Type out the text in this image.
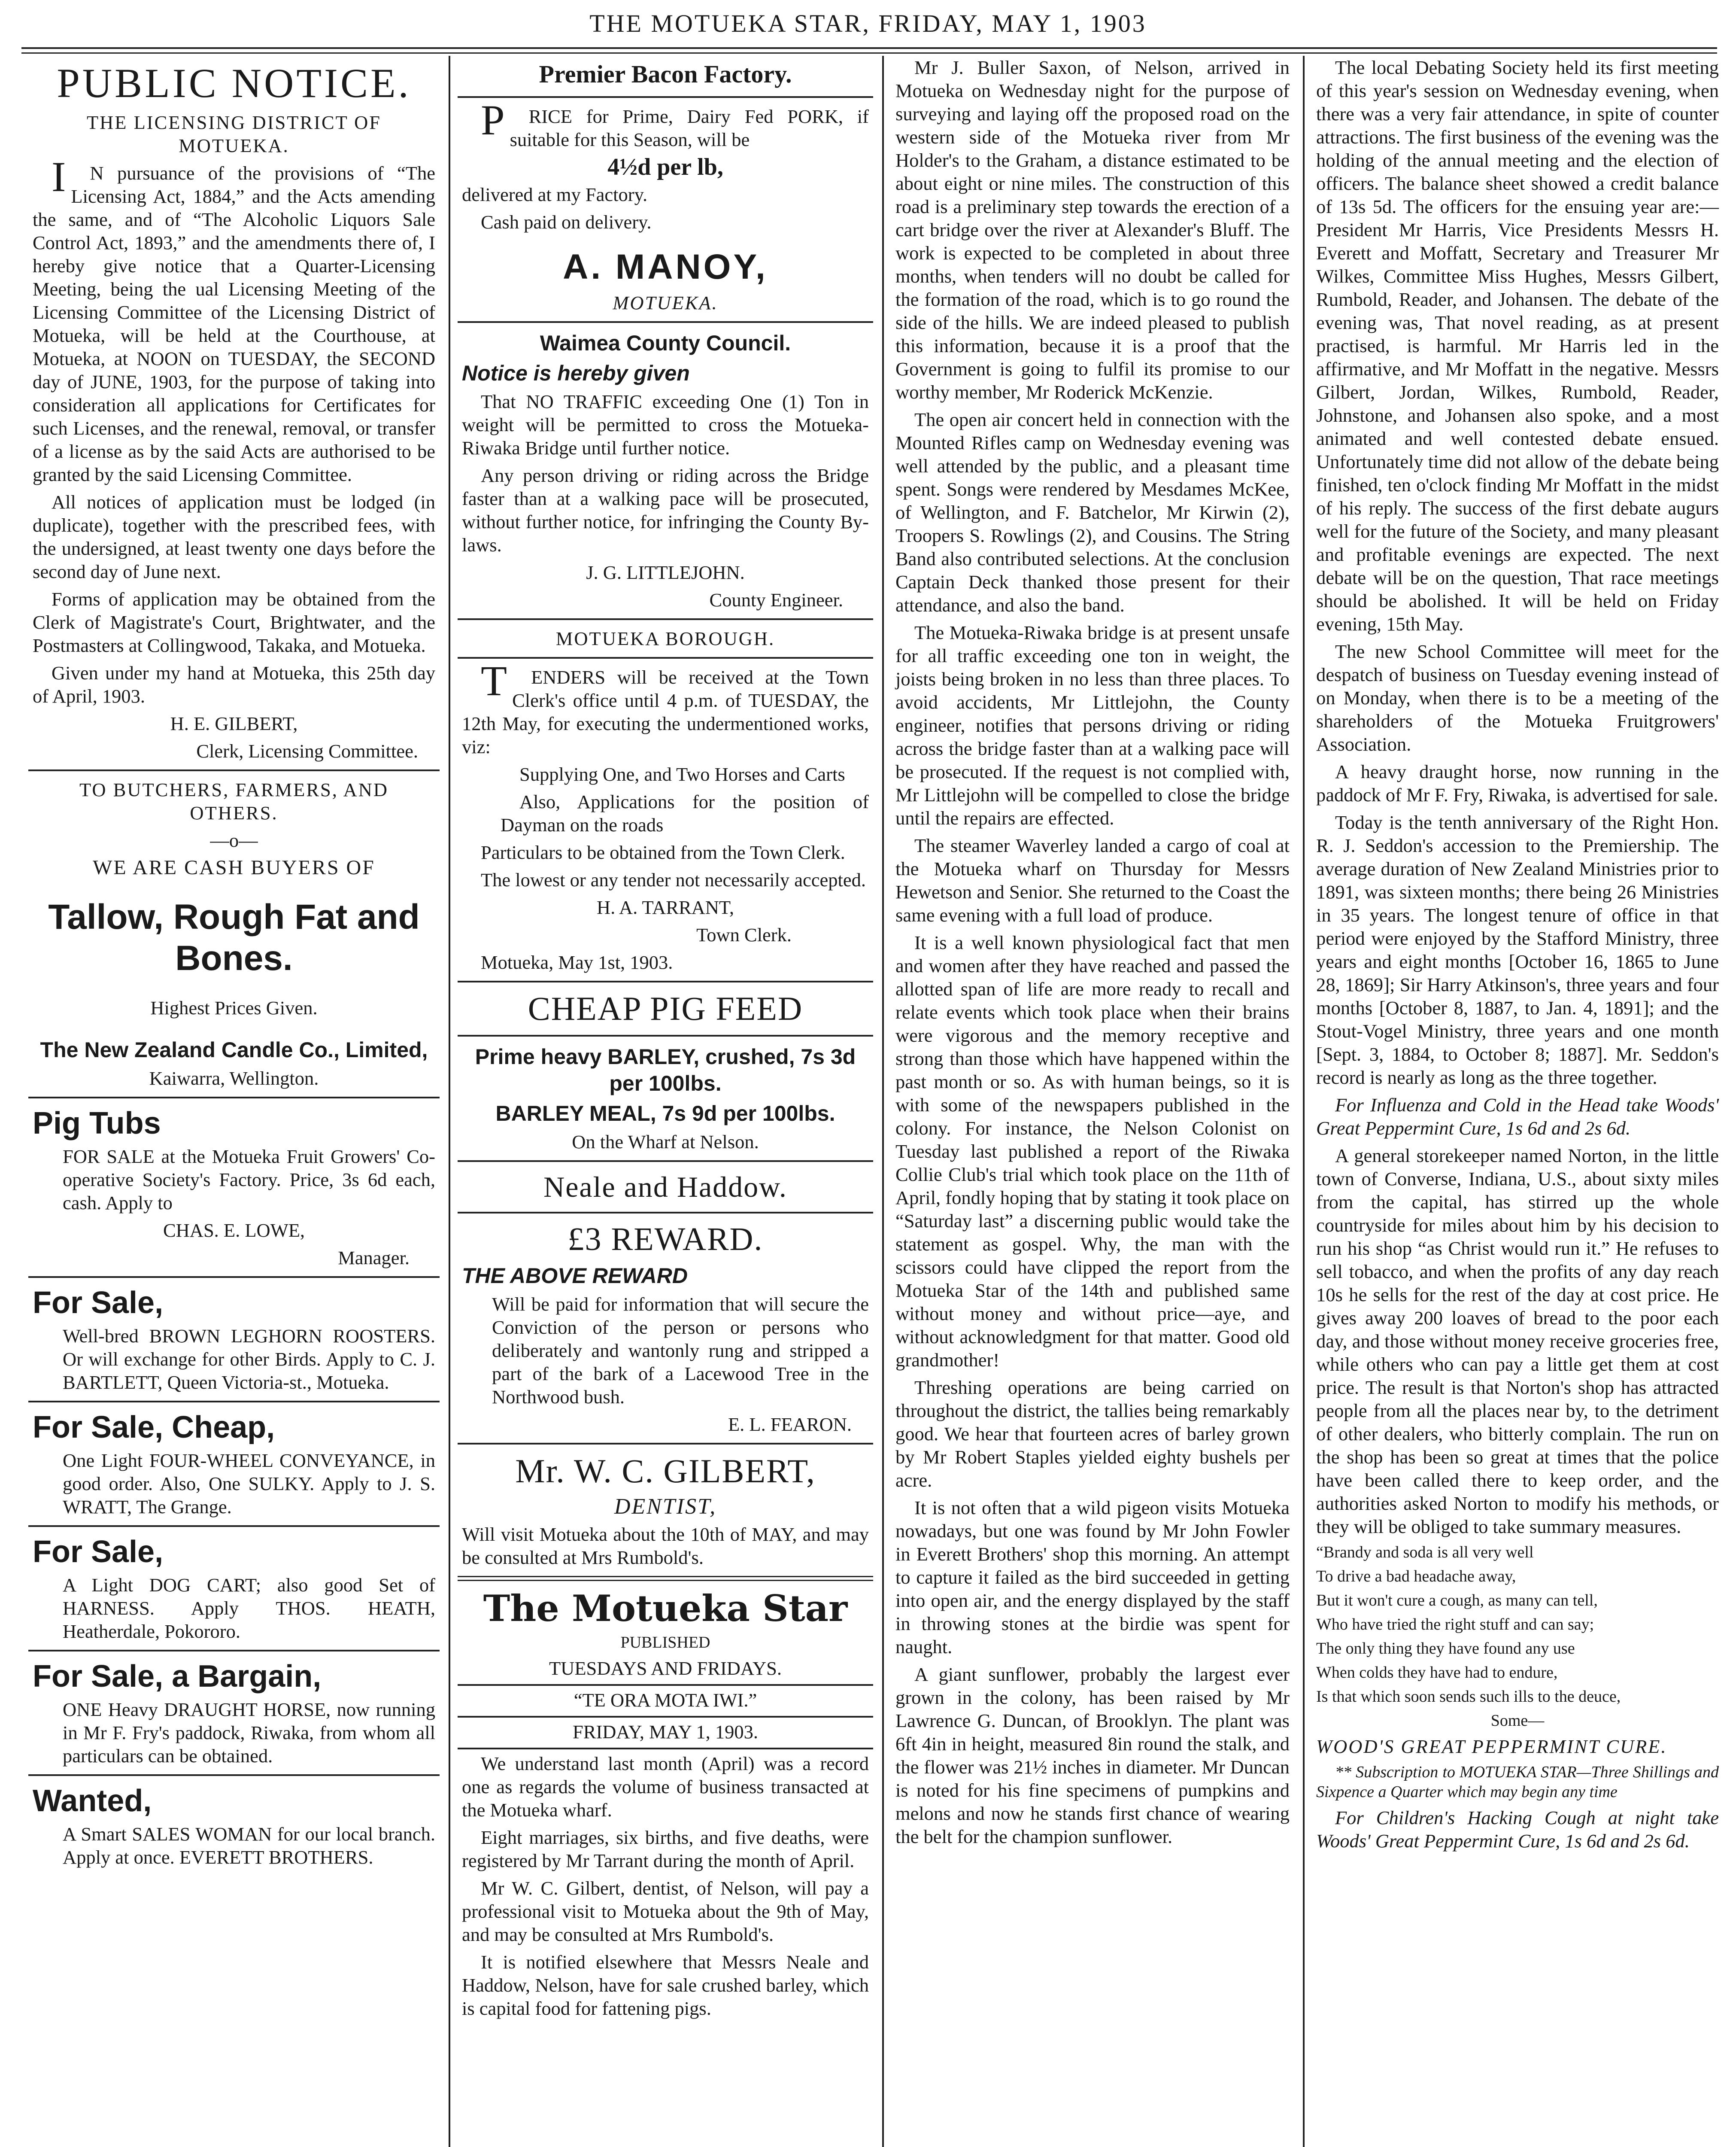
THE MOTUEKA STAR, FRIDAY, MAY 1, 1903
PUBLIC NOTICE.

THE LICENSING DISTRICT OF MOTUEKA.

IN pursuance of the provisions of “The Licensing Act, 1884,” and the Acts amending the same, and of “The Alcoholic Liquors Sale Control Act, 1893,” and the amendments there of, I hereby give notice that a Quarter-Licensing Meeting, being the ual Licensing Meeting of the Licensing Committee of the Licensing District of Motueka, will be held at the Courthouse, at Motueka, at NOON on TUESDAY, the SECOND day of JUNE, 1903, for the purpose of taking into consideration all applications for Certificates for such Licenses, and the renewal, removal, or transfer of a license as by the said Acts are authorised to be granted by the said Licensing Committee.

All notices of application must be lodged (in duplicate), together with the prescribed fees, with the undersigned, at least twenty one days before the second day of June next.

Forms of application may be obtained from the Clerk of Magistrate's Court, Brightwater, and the Postmasters at Collingwood, Takaka, and Motueka.

Given under my hand at Motueka, this 25th day of April, 1903.

H. E. GILBERT,

Clerk, Licensing Committee.

TO BUTCHERS, FARMERS, AND OTHERS.

—o—

WE ARE CASH BUYERS OF

Tallow, Rough Fat and Bones.

Highest Prices Given.

The New Zealand Candle Co., Limited,

Kaiwarra, Wellington.

Pig Tubs

FOR SALE at the Motueka Fruit Growers' Co-operative Society's Factory. Price, 3s 6d each, cash. Apply to

CHAS. E. LOWE,

Manager.

For Sale,

Well-bred BROWN LEGHORN ROOSTERS. Or will exchange for other Birds. Apply to C. J. BARTLETT, Queen Victoria-st., Motueka.

For Sale, Cheap,

One Light FOUR-WHEEL CONVEYANCE, in good order. Also, One SULKY. Apply to J. S. WRATT, The Grange.

For Sale,

A Light DOG CART; also good Set of HARNESS. Apply THOS. HEATH, Heatherdale, Pokororo.

For Sale, a Bargain,

ONE Heavy DRAUGHT HORSE, now running in Mr F. Fry's paddock, Riwaka, from whom all particulars can be obtained.

Wanted,

A Smart SALES WOMAN for our local branch. Apply at once. EVERETT BROTHERS.

Premier Bacon Factory.

PRICE for Prime, Dairy Fed PORK, if suitable for this Season, will be

4½d per lb,

delivered at my Factory.

Cash paid on delivery.

A. MANOY,

MOTUEKA.

Waimea County Council.
Notice is hereby given

That NO TRAFFIC exceeding One (1) Ton in weight will be permitted to cross the Motueka-Riwaka Bridge until further notice.

Any person driving or riding across the Bridge faster than at a walking pace will be prosecuted, without further notice, for infringing the County By-laws.

J. G. LITTLEJOHN.

County Engineer.

MOTUEKA BOROUGH.

TENDERS will be received at the Town Clerk's office until 4 p.m. of TUESDAY, the 12th May, for executing the undermentioned works, viz:

Supplying One, and Two Horses and Carts

Also, Applications for the position of Dayman on the roads

Particulars to be obtained from the Town Clerk.

The lowest or any tender not necessarily accepted.

H. A. TARRANT,

Town Clerk.

Motueka, May 1st, 1903.

CHEAP PIG FEED
Prime heavy BARLEY, crushed, 7s 3d per 100lbs.
BARLEY MEAL, 7s 9d per 100lbs.

On the Wharf at Nelson.

Neale and Haddow.
£3 REWARD.
THE ABOVE REWARD

Will be paid for information that will secure the Conviction of the person or persons who deliberately and wantonly rung and stripped a part of the bark of a Lacewood Tree in the Northwood bush.

E. L. FEARON.

Mr. W. C. GILBERT,

DENTIST,

Will visit Motueka about the 10th of MAY, and may be consulted at Mrs Rumbold's.

The Motueka Star

PUBLISHED

TUESDAYS AND FRIDAYS.

“TE ORA MOTA IWI.”

FRIDAY, MAY 1, 1903.

We understand last month (April) was a record one as regards the volume of business transacted at the Motueka wharf.

Eight marriages, six births, and five deaths, were registered by Mr Tarrant during the month of April.

Mr W. C. Gilbert, dentist, of Nelson, will pay a professional visit to Motueka about the 9th of May, and may be consulted at Mrs Rumbold's.

It is notified elsewhere that Messrs Neale and Haddow, Nelson, have for sale crushed barley, which is capital food for fattening pigs.

Mr J. Buller Saxon, of Nelson, arrived in Motueka on Wednesday night for the purpose of surveying and laying off the proposed road on the western side of the Motueka river from Mr Holder's to the Graham, a distance estimated to be about eight or nine miles. The construction of this road is a preliminary step towards the erection of a cart bridge over the river at Alexander's Bluff. The work is expected to be completed in about three months, when tenders will no doubt be called for the formation of the road, which is to go round the side of the hills. We are indeed pleased to publish this information, because it is a proof that the Government is going to fulfil its promise to our worthy member, Mr Roderick McKenzie.

The open air concert held in connection with the Mounted Rifles camp on Wednesday evening was well attended by the public, and a pleasant time spent. Songs were rendered by Mesdames McKee, of Wellington, and F. Batchelor, Mr Kirwin (2), Troopers S. Rowlings (2), and Cousins. The String Band also contributed selections. At the conclusion Captain Deck thanked those present for their attendance, and also the band.

The Motueka-Riwaka bridge is at present unsafe for all traffic exceeding one ton in weight, the joists being broken in no less than three places. To avoid accidents, Mr Littlejohn, the County engineer, notifies that persons driving or riding across the bridge faster than at a walking pace will be prosecuted. If the request is not complied with, Mr Littlejohn will be compelled to close the bridge until the repairs are effected.

The steamer Waverley landed a cargo of coal at the Motueka wharf on Thursday for Messrs Hewetson and Senior. She returned to the Coast the same evening with a full load of produce.

It is a well known physiological fact that men and women after they have reached and passed the allotted span of life are more ready to recall and relate events which took place when their brains were vigorous and the memory receptive and strong than those which have happened within the past month or so. As with human beings, so it is with some of the newspapers published in the colony. For instance, the Nelson Colonist on Tuesday last published a report of the Riwaka Collie Club's trial which took place on the 11th of April, fondly hoping that by stating it took place on “Saturday last” a discerning public would take the statement as gospel. Why, the man with the scissors could have clipped the report from the Motueka Star of the 14th and published same without money and without price—aye, and without acknowledgment for that matter. Good old grandmother!

Threshing operations are being carried on throughout the district, the tallies being remarkably good. We hear that fourteen acres of barley grown by Mr Robert Staples yielded eighty bushels per acre.

It is not often that a wild pigeon visits Motueka nowadays, but one was found by Mr John Fowler in Everett Brothers' shop this morning. An attempt to capture it failed as the bird succeeded in getting into open air, and the energy displayed by the staff in throwing stones at the birdie was spent for naught.

A giant sunflower, probably the largest ever grown in the colony, has been raised by Mr Lawrence G. Duncan, of Brooklyn. The plant was 6ft 4in in height, measured 8in round the stalk, and the flower was 21½ inches in diameter. Mr Duncan is noted for his fine specimens of pumpkins and melons and now he stands first chance of wearing the belt for the champion sunflower.

The local Debating Society held its first meeting of this year's session on Wednesday evening, when there was a very fair attendance, in spite of counter attractions. The first business of the evening was the holding of the annual meeting and the election of officers. The balance sheet showed a credit balance of 13s 5d. The officers for the ensuing year are:—President Mr Harris, Vice Presidents Messrs H. Everett and Moffatt, Secretary and Treasurer Mr Wilkes, Committee Miss Hughes, Messrs Gilbert, Rumbold, Reader, and Johansen. The debate of the evening was, That novel reading, as at present practised, is harmful. Mr Harris led in the affirmative, and Mr Moffatt in the negative. Messrs Gilbert, Jordan, Wilkes, Rumbold, Reader, Johnstone, and Johansen also spoke, and a most animated and well contested debate ensued. Unfortunately time did not allow of the debate being finished, ten o'clock finding Mr Moffatt in the midst of his reply. The success of the first debate augurs well for the future of the Society, and many pleasant and profitable evenings are expected. The next debate will be on the question, That race meetings should be abolished. It will be held on Friday evening, 15th May.

The new School Committee will meet for the despatch of business on Tuesday evening instead of on Monday, when there is to be a meeting of the shareholders of the Motueka Fruitgrowers' Association.

A heavy draught horse, now running in the paddock of Mr F. Fry, Riwaka, is advertised for sale.

Today is the tenth anniversary of the Right Hon. R. J. Seddon's accession to the Premiership. The average duration of New Zealand Ministries prior to 1891, was sixteen months; there being 26 Ministries in 35 years. The longest tenure of office in that period were enjoyed by the Stafford Ministry, three years and eight months [October 16, 1865 to June 28, 1869]; Sir Harry Atkinson's, three years and four months [October 8, 1887, to Jan. 4, 1891]; and the Stout-Vogel Ministry, three years and one month [Sept. 3, 1884, to October 8; 1887]. Mr. Seddon's record is nearly as long as the three together.

For Influenza and Cold in the Head take Woods' Great Peppermint Cure, 1s 6d and 2s 6d.

A general storekeeper named Norton, in the little town of Converse, Indiana, U.S., about sixty miles from the capital, has stirred up the whole countryside for miles about him by his decision to run his shop “as Christ would run it.” He refuses to sell tobacco, and when the profits of any day reach 10s he sells for the rest of the day at cost price. He gives away 200 loaves of bread to the poor each day, and those without money receive groceries free, while others who can pay a little get them at cost price. The result is that Norton's shop has attracted people from all the places near by, to the detriment of other dealers, who bitterly complain. The run on the shop has been so great at times that the police have been called there to keep order, and the authorities asked Norton to modify his methods, or they will be obliged to take summary measures.

“Brandy and soda is all very well

To drive a bad headache away,

But it won't cure a cough, as many can tell,

Who have tried the right stuff and can say;

The only thing they have found any use

When colds they have had to endure,

Is that which soon sends such ills to the deuce,

Some—

WOOD'S GREAT PEPPERMINT CURE.

** Subscription to MOTUEKA STAR—Three Shillings and Sixpence a Quarter which may begin any time

For Children's Hacking Cough at night take Woods' Great Peppermint Cure, 1s 6d and 2s 6d.
